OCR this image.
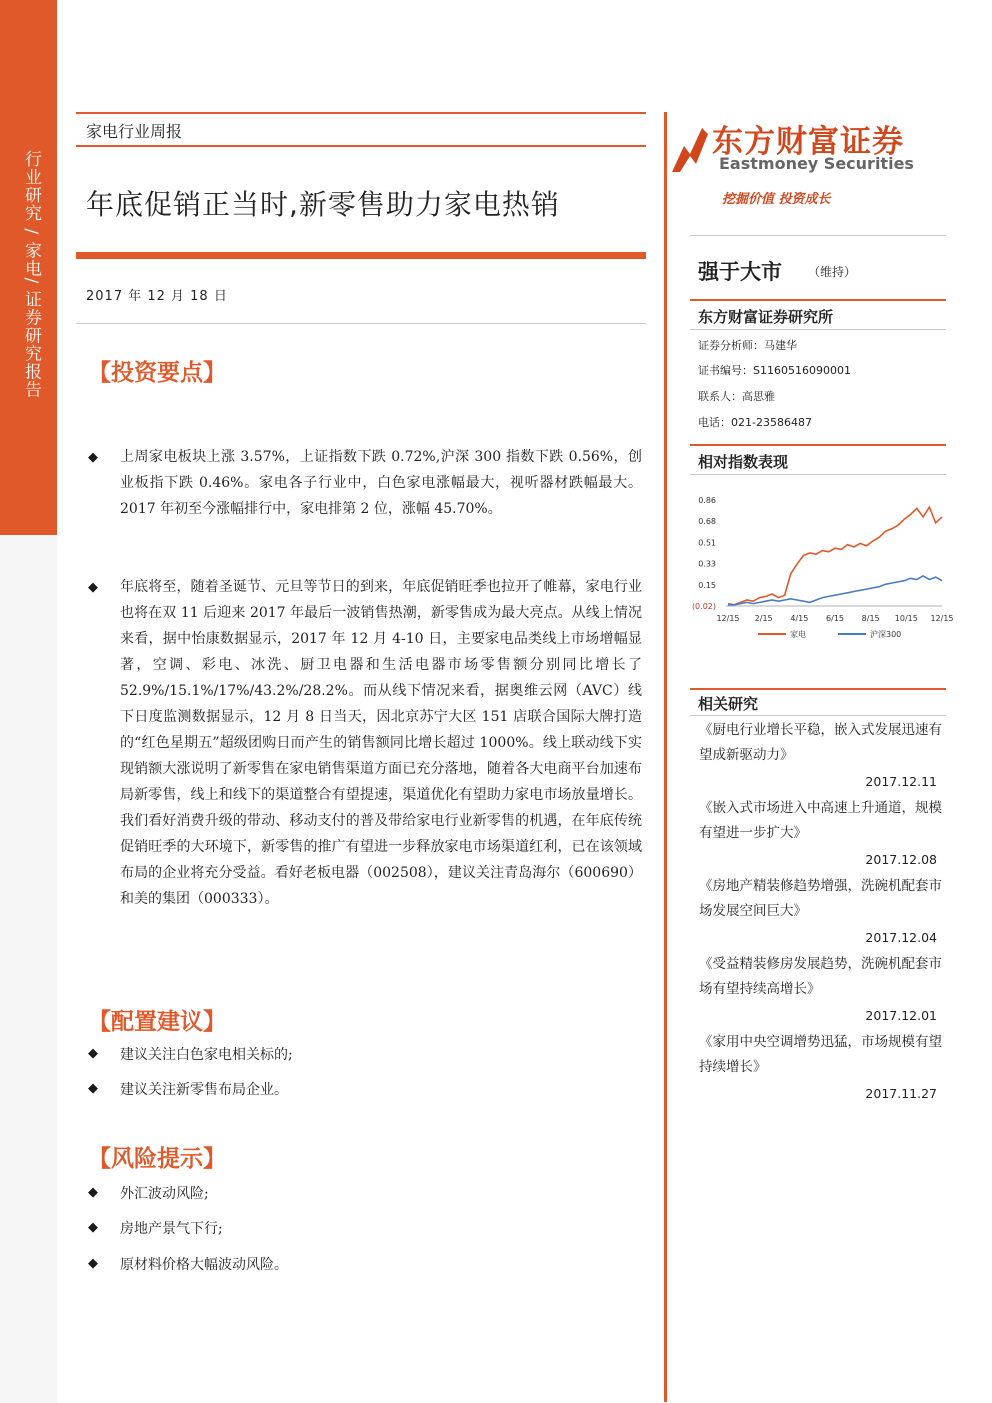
行业研究 / 家电/ 证券研究报告
家电行业周报
年底促销正当时,新零售助力家电热销
2017 年 12 月 18 日
【投资要点】
◆ 上周家电板块上涨 3.57%，上证指数下跌 0.72%,沪深 300 指数下跌 0.56%，创业板指下跌 0.46%。家电各子行业中，白色家电涨幅最大，视听器材跌幅最大。2017 年初至今涨幅排行中，家电排第 2 位，涨幅 45.70%。
◆ 年底将至，随着圣诞节、元旦等节日的到来，年底促销旺季也拉开了帷幕，家电行业也将在双 11 后迎来 2017 年最后一波销售热潮，新零售成为最大亮点。从线上情况来看，据中怡康数据显示，2017 年 12 月 4-10 日，主要家电品类线上市场增幅显著，空调、彩电、冰洗、厨卫电器和生活电器市场零售额分别同比增长了 52.9%/15.1%/17%/43.2%/28.2%。而从线下情况来看，据奥维云网（AVC）线下日度监测数据显示，12 月 8 日当天，因北京苏宁大区 151 店联合国际大牌打造的“红色星期五”超级团购日而产生的销售额同比增长超过 1000%。线上联动线下实现销额大涨说明了新零售在家电销售渠道方面已充分落地，随着各大电商平台加速布局新零售，线上和线下的渠道整合有望提速，渠道优化有望助力家电市场放量增长。我们看好消费升级的带动、移动支付的普及带给家电行业新零售的机遇，在年底传统促销旺季的大环境下，新零售的推广有望进一步释放家电市场渠道红利，已在该领域布局的企业将充分受益。看好老板电器（002508），建议关注青岛海尔（600690）和美的集团（000333）。
【配置建议】
◆ 建议关注白色家电相关标的;
◆ 建议关注新零售布局企业。
【风险提示】
◆ 外汇波动风险;
◆ 房地产景气下行;
◆ 原材料价格大幅波动风险。
东方财富证券
Eastmoney Securities
挖掘价值 投资成长
强于大市 （维持）
东方财富证券研究所
证券分析师：马建华
证书编号：S1160516090001
联系人：高思雅
电话：021-23586487
相对指数表现
0.86
0.68
0.51
0.33
0.15
(0.02)
12/15 2/15 4/15 6/15 8/15 10/15 12/15
家电	沪深300
相关研究
《厨电行业增长平稳，嵌入式发展迅速有望成新驱动力》
2017.12.11
《嵌入式市场进入中高速上升通道，规模有望进一步扩大》
2017.12.08
《房地产精装修趋势增强，洗碗机配套市场发展空间巨大》
2017.12.04
《受益精装修房发展趋势，洗碗机配套市场有望持续高增长》
2017.12.01
《家用中央空调增势迅猛，市场规模有望持续增长》
2017.11.27
